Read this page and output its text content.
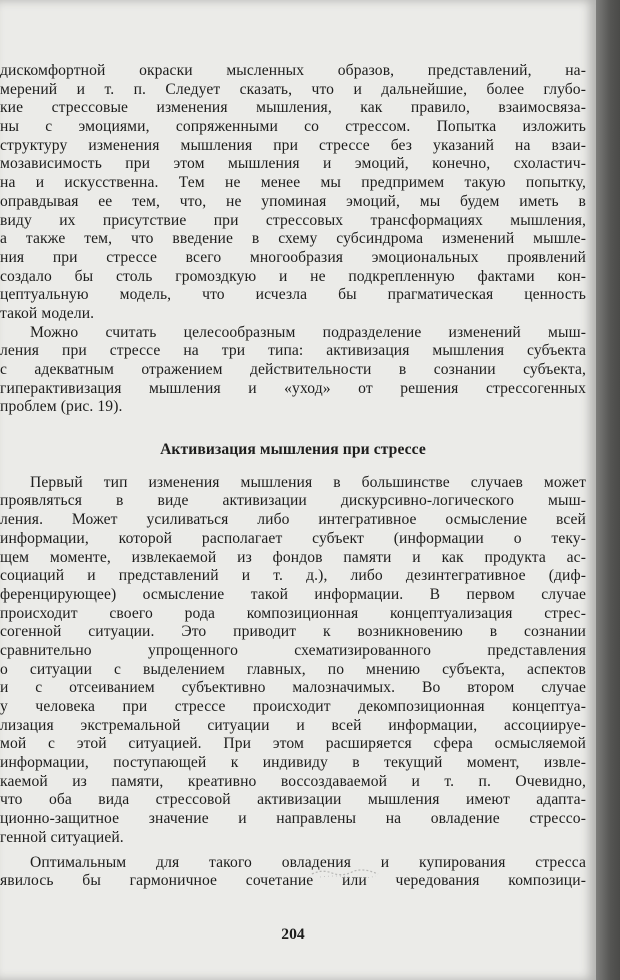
дискомфортной окраски мысленных образов, представлений, на-
мерений и т. п. Следует сказать, что и дальнейшие, более глубо-
кие стрессовые изменения мышления, как правило, взаимосвяза-
ны с эмоциями, сопряженными со стрессом. Попытка изложить
структуру изменения мышления при стрессе без указаний на взаи-
мозависимость при этом мышления и эмоций, конечно, схоластич-
на и искусственна. Тем не менее мы предпримем такую попытку,
оправдывая ее тем, что, не упоминая эмоций, мы будем иметь в
виду их присутствие при стрессовых трансформациях мышления,
а также тем, что введение в схему субсиндрома изменений мышле-
ния при стрессе всего многообразия эмоциональных проявлений
создало бы столь громоздкую и не подкрепленную фактами кон-
цептуальную модель, что исчезла бы прагматическая ценность
такой модели.
Можно считать целесообразным подразделение изменений мыш-
ления при стрессе на три типа: активизация мышления субъекта
с адекватным отражением действительности в сознании субъекта,
гиперактивизация мышления и «уход» от решения стрессогенных
проблем (рис. 19).
Активизация мышления при стрессе
Первый тип изменения мышления в большинстве случаев может
проявляться в виде активизации дискурсивно-логического мыш-
ления. Может усиливаться либо интегративное осмысление всей
информации, которой располагает субъект (информации о теку-
щем моменте, извлекаемой из фондов памяти и как продукта ас-
социаций и представлений и т. д.), либо дезинтегративное (диф-
ференцирующее) осмысление такой информации. В первом случае
происходит своего рода композиционная концептуализация стрес-
согенной ситуации. Это приводит к возникновению в сознании
сравнительно упрощенного схематизированного представления
о ситуации с выделением главных, по мнению субъекта, аспектов
и с отсеиванием субъективно малозначимых. Во втором случае
у человека при стрессе происходит декомпозиционная концептуа-
лизация экстремальной ситуации и всей информации, ассоциируе-
мой с этой ситуацией. При этом расширяется сфера осмысляемой
информации, поступающей к индивиду в текущий момент, извле-
каемой из памяти, креативно воссоздаваемой и т. п. Очевидно,
что оба вида стрессовой активизации мышления имеют адапта-
ционно-защитное значение и направлены на овладение стрессо-
генной ситуацией.
Оптимальным для такого овладения и купирования стресса
явилось бы гармоничное сочетание или чередования композици-
204
